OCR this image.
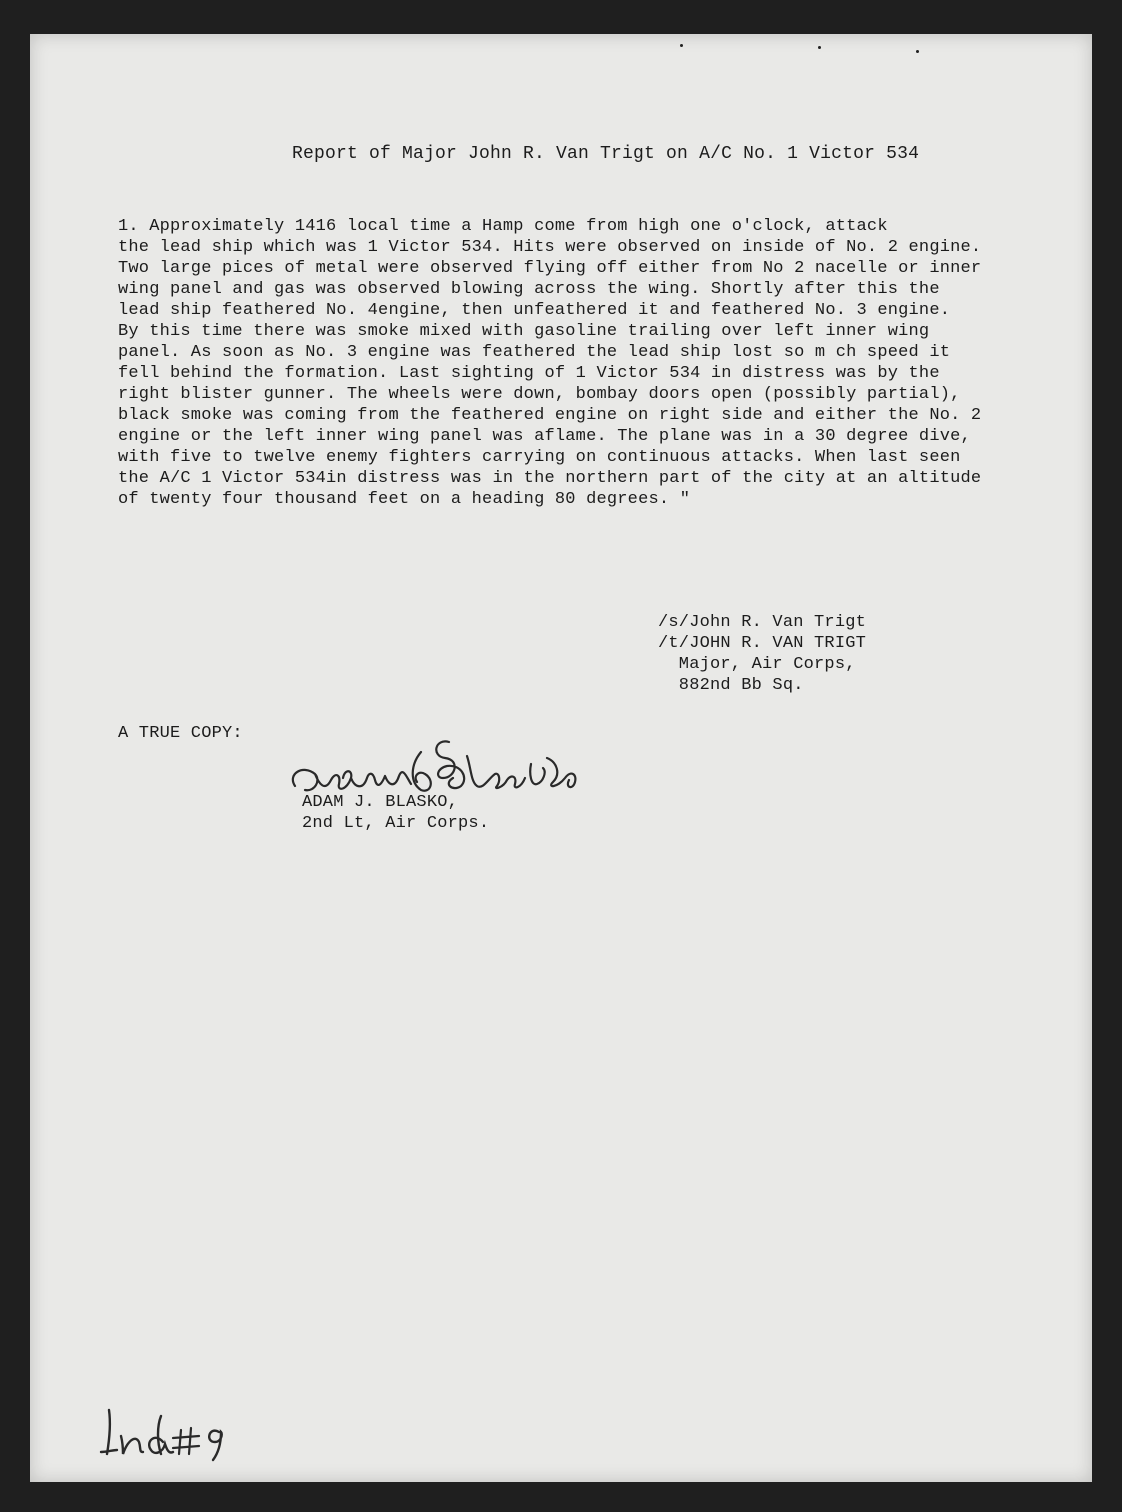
Report of Major John R. Van Trigt on A/C No. 1 Victor 534

1. Approximately 1416 local time a Hamp come from high one o'clock, attack
the lead ship which was 1 Victor 534. Hits were observed on inside of No. 2 engine.
Two large pices of metal were observed flying off either from No 2 nacelle or inner
wing panel and gas was observed blowing across the wing. Shortly after this the
lead ship feathered No. 4engine, then unfeathered it and feathered No. 3 engine.
By this time there was smoke mixed with gasoline trailing over left inner wing
panel. As soon as No. 3 engine was feathered the lead ship lost so m ch speed it
fell behind the formation. Last sighting of 1 Victor 534 in distress was by the
right blister gunner. The wheels were down, bombay doors open (possibly partial),
black smoke was coming from the feathered engine on right side and either the No. 2
engine or the left inner wing panel was aflame. The plane was in a 30 degree dive,
with five to twelve enemy fighters carrying on continuous attacks. When last seen
the A/C 1 Victor 534in distress was in the northern part of the city at an altitude
of twenty four thousand feet on a heading 80 degrees. "

/s/John R. Van Trigt
/t/JOHN R. VAN TRIGT
Major, Air Corps,
882nd Bb Sq.
A TRUE COPY:
ADAM J. BLASKO,
2nd Lt, Air Corps.
